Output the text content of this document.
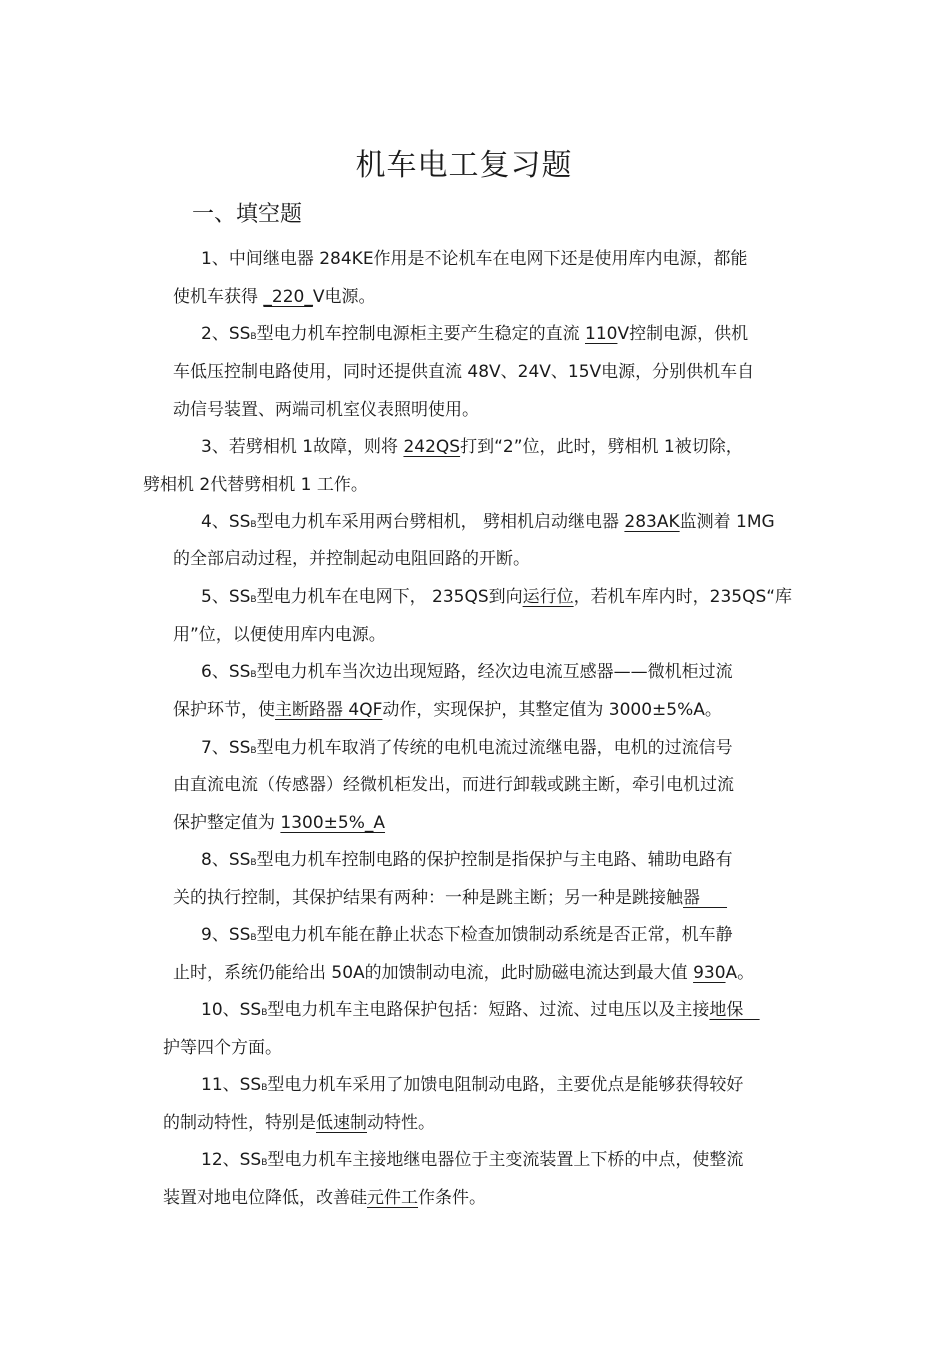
机车电工复习题
一、填空题
1、中间继电器 284KE作用是不论机车在电网下还是使用库内电源，都能
使机车获得 _220_V电源。
2、SSB型电力机车控制电源柜主要产生稳定的直流 110V控制电源，供机
车低压控制电路使用，同时还提供直流 48V、24V、15V电源，分别供机车自
动信号装置、两端司机室仪表照明使用。
3、若劈相机 1故障，则将 242QS打到“2”位，此时，劈相机 1被切除，
劈相机 2代替劈相机 1 工作。
4、SSB型电力机车采用两台劈相机， 劈相机启动继电器 283AK监测着 1MG
的全部启动过程，并控制起动电阻回路的开断。
5、SSB型电力机车在电网下， 235QS到向运行位，若机车库内时，235QS“库
用”位，以便使用库内电源。
6、SSB型电力机车当次边出现短路，经次边电流互感器——微机柜过流
保护环节，使主断路器 4QF动作，实现保护，其整定值为 3000±5%A。
7、SSB型电力机车取消了传统的电机电流过流继电器，电机的过流信号
由直流电流（传感器）经微机柜发出，而进行卸载或跳主断，牵引电机过流
保护整定值为 1300±5%_A
8、SSB型电力机车控制电路的保护控制是指保护与主电路、辅助电路有
关的执行控制，其保护结果有两种：一种是跳主断；另一种是跳接触器
9、SSB型电力机车能在静止状态下检查加馈制动系统是否正常，机车静
止时，系统仍能给出 50A的加馈制动电流，此时励磁电流达到最大值 930A。
10、SSB型电力机车主电路保护包括：短路、过流、过电压以及主接地保
护等四个方面。
11、SSB型电力机车采用了加馈电阻制动电路，主要优点是能够获得较好
的制动特性，特别是低速制动特性。
12、SSB型电力机车主接地继电器位于主变流装置上下桥的中点，使整流
装置对地电位降低，改善硅元件工作条件。
